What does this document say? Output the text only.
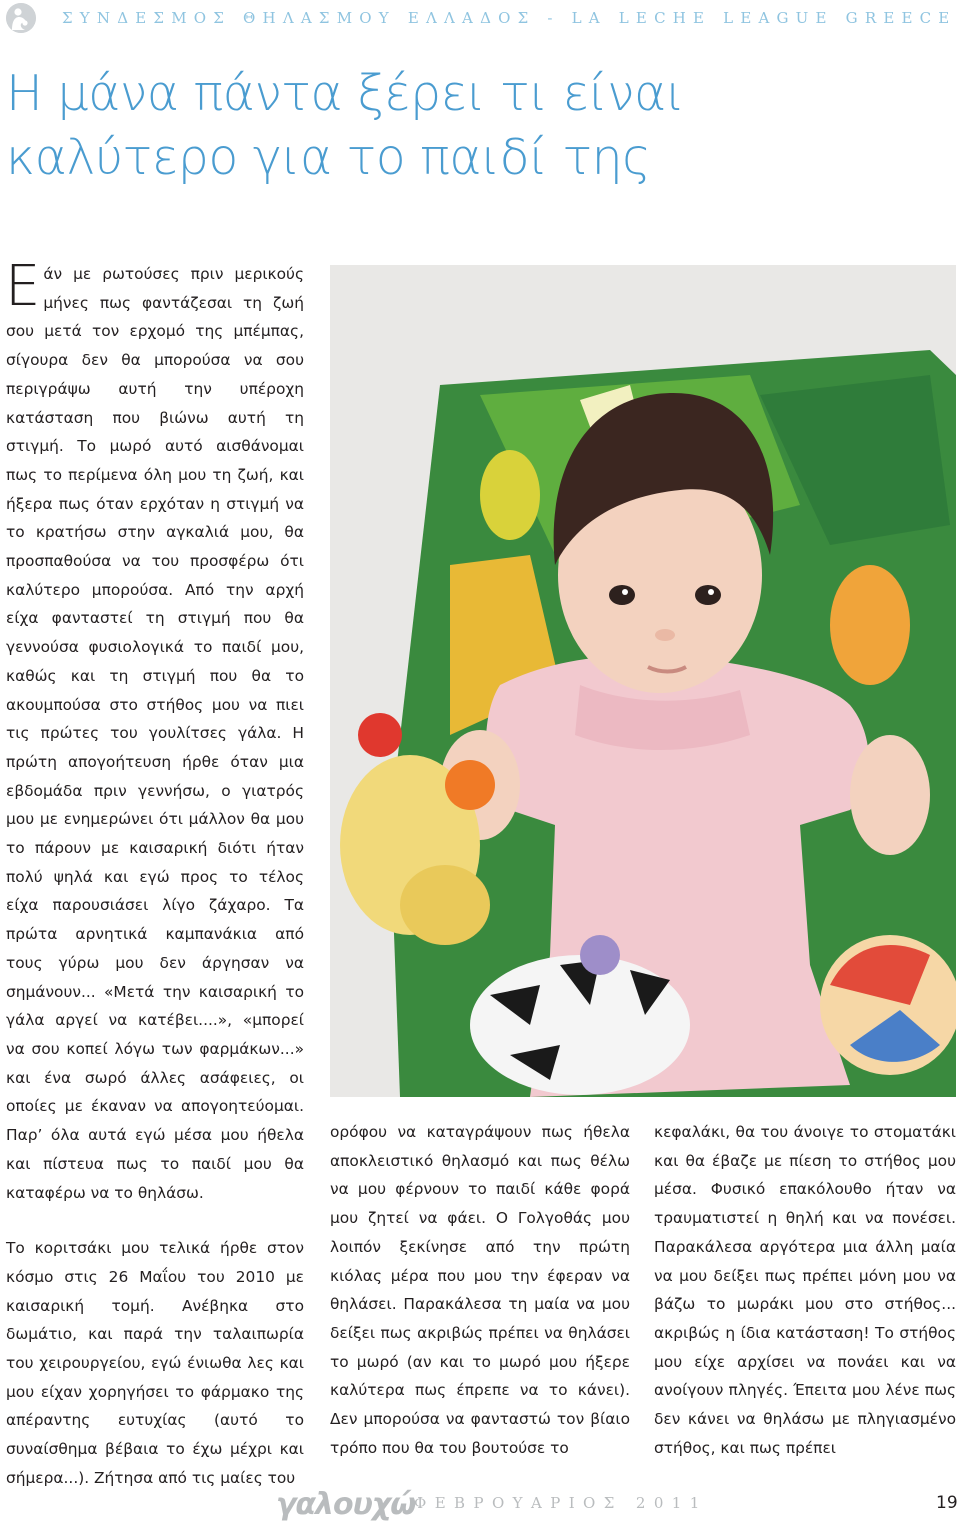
ΣΥΝΔΕΣΜΟΣ ΘΗΛΑΣΜΟΥ ΕΛΛΑΔΟΣ - LA LECHE LEAGUE GREECE
Η μάνα πάντα ξέρει τι είναι
καλύτερο για το παιδί της

Εάν με ρωτούσες πριν μερικούς μήνες πως φαντάζεσαι τη ζωή σου μετά τον ερχομό της μπέμπας, σίγουρα δεν θα μπορούσα να σου περιγράψω αυτή την υπέροχη κατάσταση που βιώνω αυτή τη στιγμή. Το μωρό αυτό αισθάνομαι πως το περίμενα όλη μου τη ζωή, και ήξερα πως όταν ερχόταν η στιγμή να το κρατήσω στην αγκαλιά μου, θα προσπαθούσα να του προσφέρω ότι καλύτερο μπορούσα. Από την αρχή είχα φανταστεί τη στιγμή που θα γεννούσα φυσιολογικά το παιδί μου, καθώς και τη στιγμή που θα το ακουμπούσα στο στήθος μου να πιει τις πρώτες του γουλίτσες γάλα. Η πρώτη απογοήτευση ήρθε όταν μια εβδομάδα πριν γεννήσω, ο γιατρός μου με ενημερώνει ότι μάλλον θα μου το πάρουν με καισαρική διότι ήταν πολύ ψηλά και εγώ προς το τέλος είχα παρουσιάσει λίγο ζάχαρο. Τα πρώτα αρνητικά καμπανάκια από τους γύρω μου δεν άργησαν να σημάνουν... «Μετά την καισαρική το γάλα αργεί να κατέβει....», «μπορεί να σου κοπεί λόγω των φαρμάκων...» και ένα σωρό άλλες ασάφειες, οι οποίες με έκαναν να απογοητεύομαι. Παρ’ όλα αυτά εγώ μέσα μου ήθελα και πίστευα πως το παιδί μου θα καταφέρω να το θηλάσω.

Το κοριτσάκι μου τελικά ήρθε στον κόσμο στις 26 Μαΐου του 2010 με καισαρική τομή. Ανέβηκα στο δωμάτιο, και παρά την ταλαιπωρία του χειρουργείου, εγώ ένιωθα λες και μου είχαν χορηγήσει το φάρμακο της απέραντης ευτυχίας (αυτό το συναίσθημα βέβαια το έχω μέχρι και σήμερα...). Ζήτησα από τις μαίες του

ορόφου να καταγράψουν πως ήθελα αποκλειστικό θηλασμό και πως θέλω να μου φέρνουν το παιδί κάθε φορά μου ζητεί να φάει. Ο Γολγοθάς μου λοιπόν ξεκίνησε από την πρώτη κιόλας μέρα που μου την έφεραν να θηλάσει. Παρακάλεσα τη μαία να μου δείξει πως ακριβώς πρέπει να θηλάσει το μωρό (αν και το μωρό μου ήξερε καλύτερα πως έπρεπε να το κάνει). Δεν μπορούσα να φανταστώ τον βίαιο τρόπο που θα του βουτούσε το

κεφαλάκι, θα του άνοιγε το στοματάκι και θα έβαζε με πίεση το στήθος μου μέσα. Φυσικό επακόλουθο ήταν να τραυματιστεί η θηλή και να πονέσει. Παρακάλεσα αργότερα μια άλλη μαία να μου δείξει πως πρέπει μόνη μου να βάζω το μωράκι μου στο στήθος... ακριβώς η ίδια κατάσταση! Το στήθος μου είχε αρχίσει να πονάει και να ανοίγουν πληγές. Έπειτα μου λένε πως δεν κάνει να θηλάσω με πληγιασμένο στήθος, και πως πρέπει

γαλουχώ
ΦΕΒΡΟΥΑΡΙΟΣ 2011	19
